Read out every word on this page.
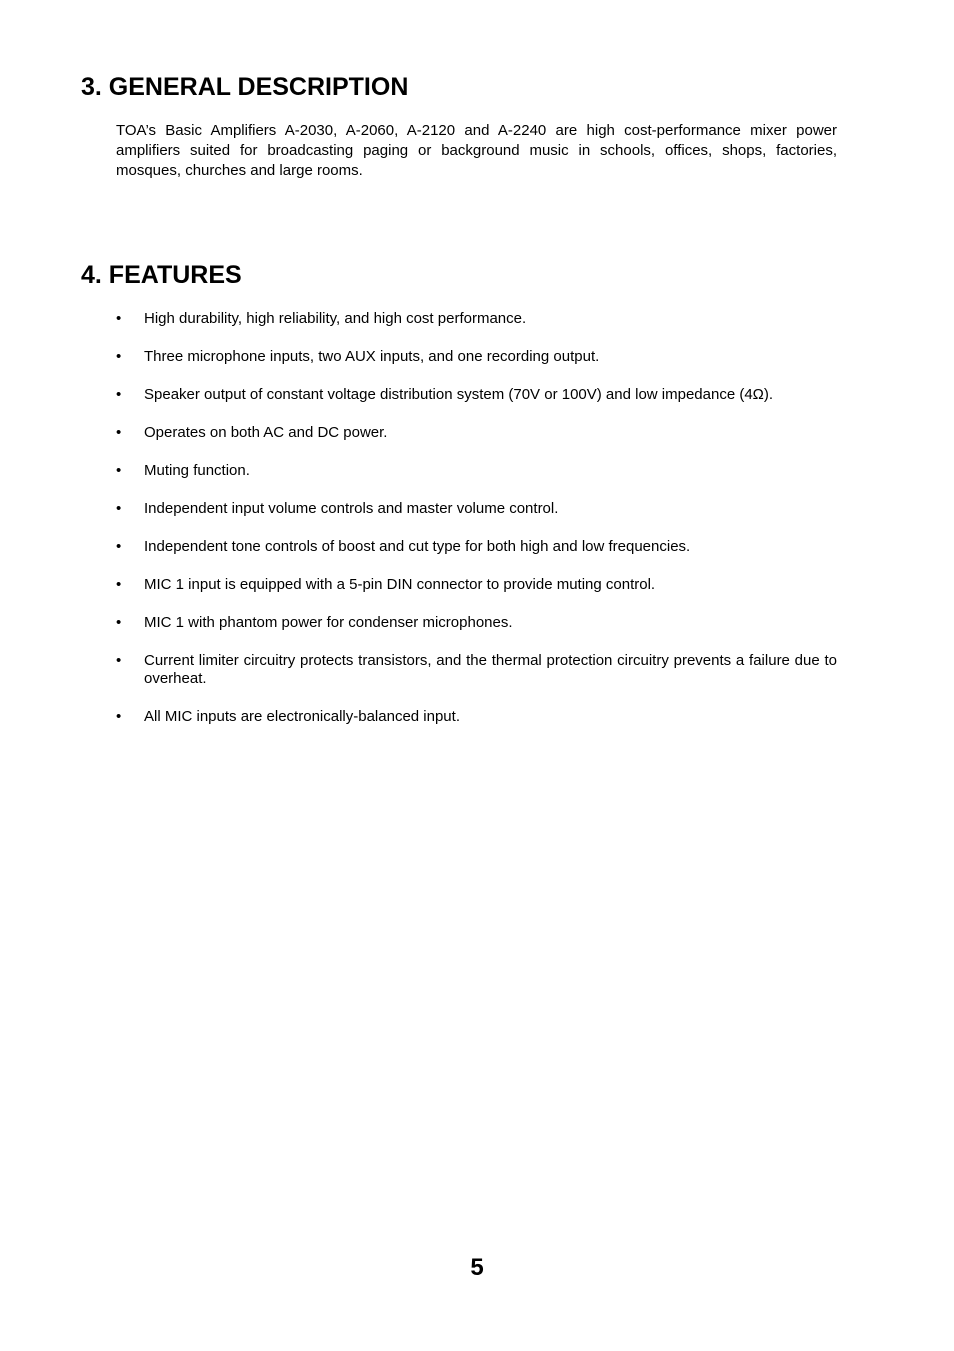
3. GENERAL DESCRIPTION

TOA’s Basic Amplifiers A-2030, A-2060, A-2120 and A-2240 are high cost-performance mixer power amplifiers suited for broadcasting paging or background music in schools, offices, shops, factories, mosques, churches and large rooms.

4. FEATURES
• High durability, high reliability, and high cost performance.
• Three microphone inputs, two AUX inputs, and one recording output.
• Speaker output of constant voltage distribution system (70V or 100V) and low impedance (4Ω).
• Operates on both AC and DC power.
• Muting function.
• Independent input volume controls and master volume control.
• Independent tone controls of boost and cut type for both high and low frequencies.
• MIC 1 input is equipped with a 5-pin DIN connector to provide muting control.
• MIC 1 with phantom power for condenser microphones.
• Current limiter circuitry protects transistors, and the thermal protection circuitry prevents a failure due to overheat.
• All MIC inputs are electronically-balanced input.
5
